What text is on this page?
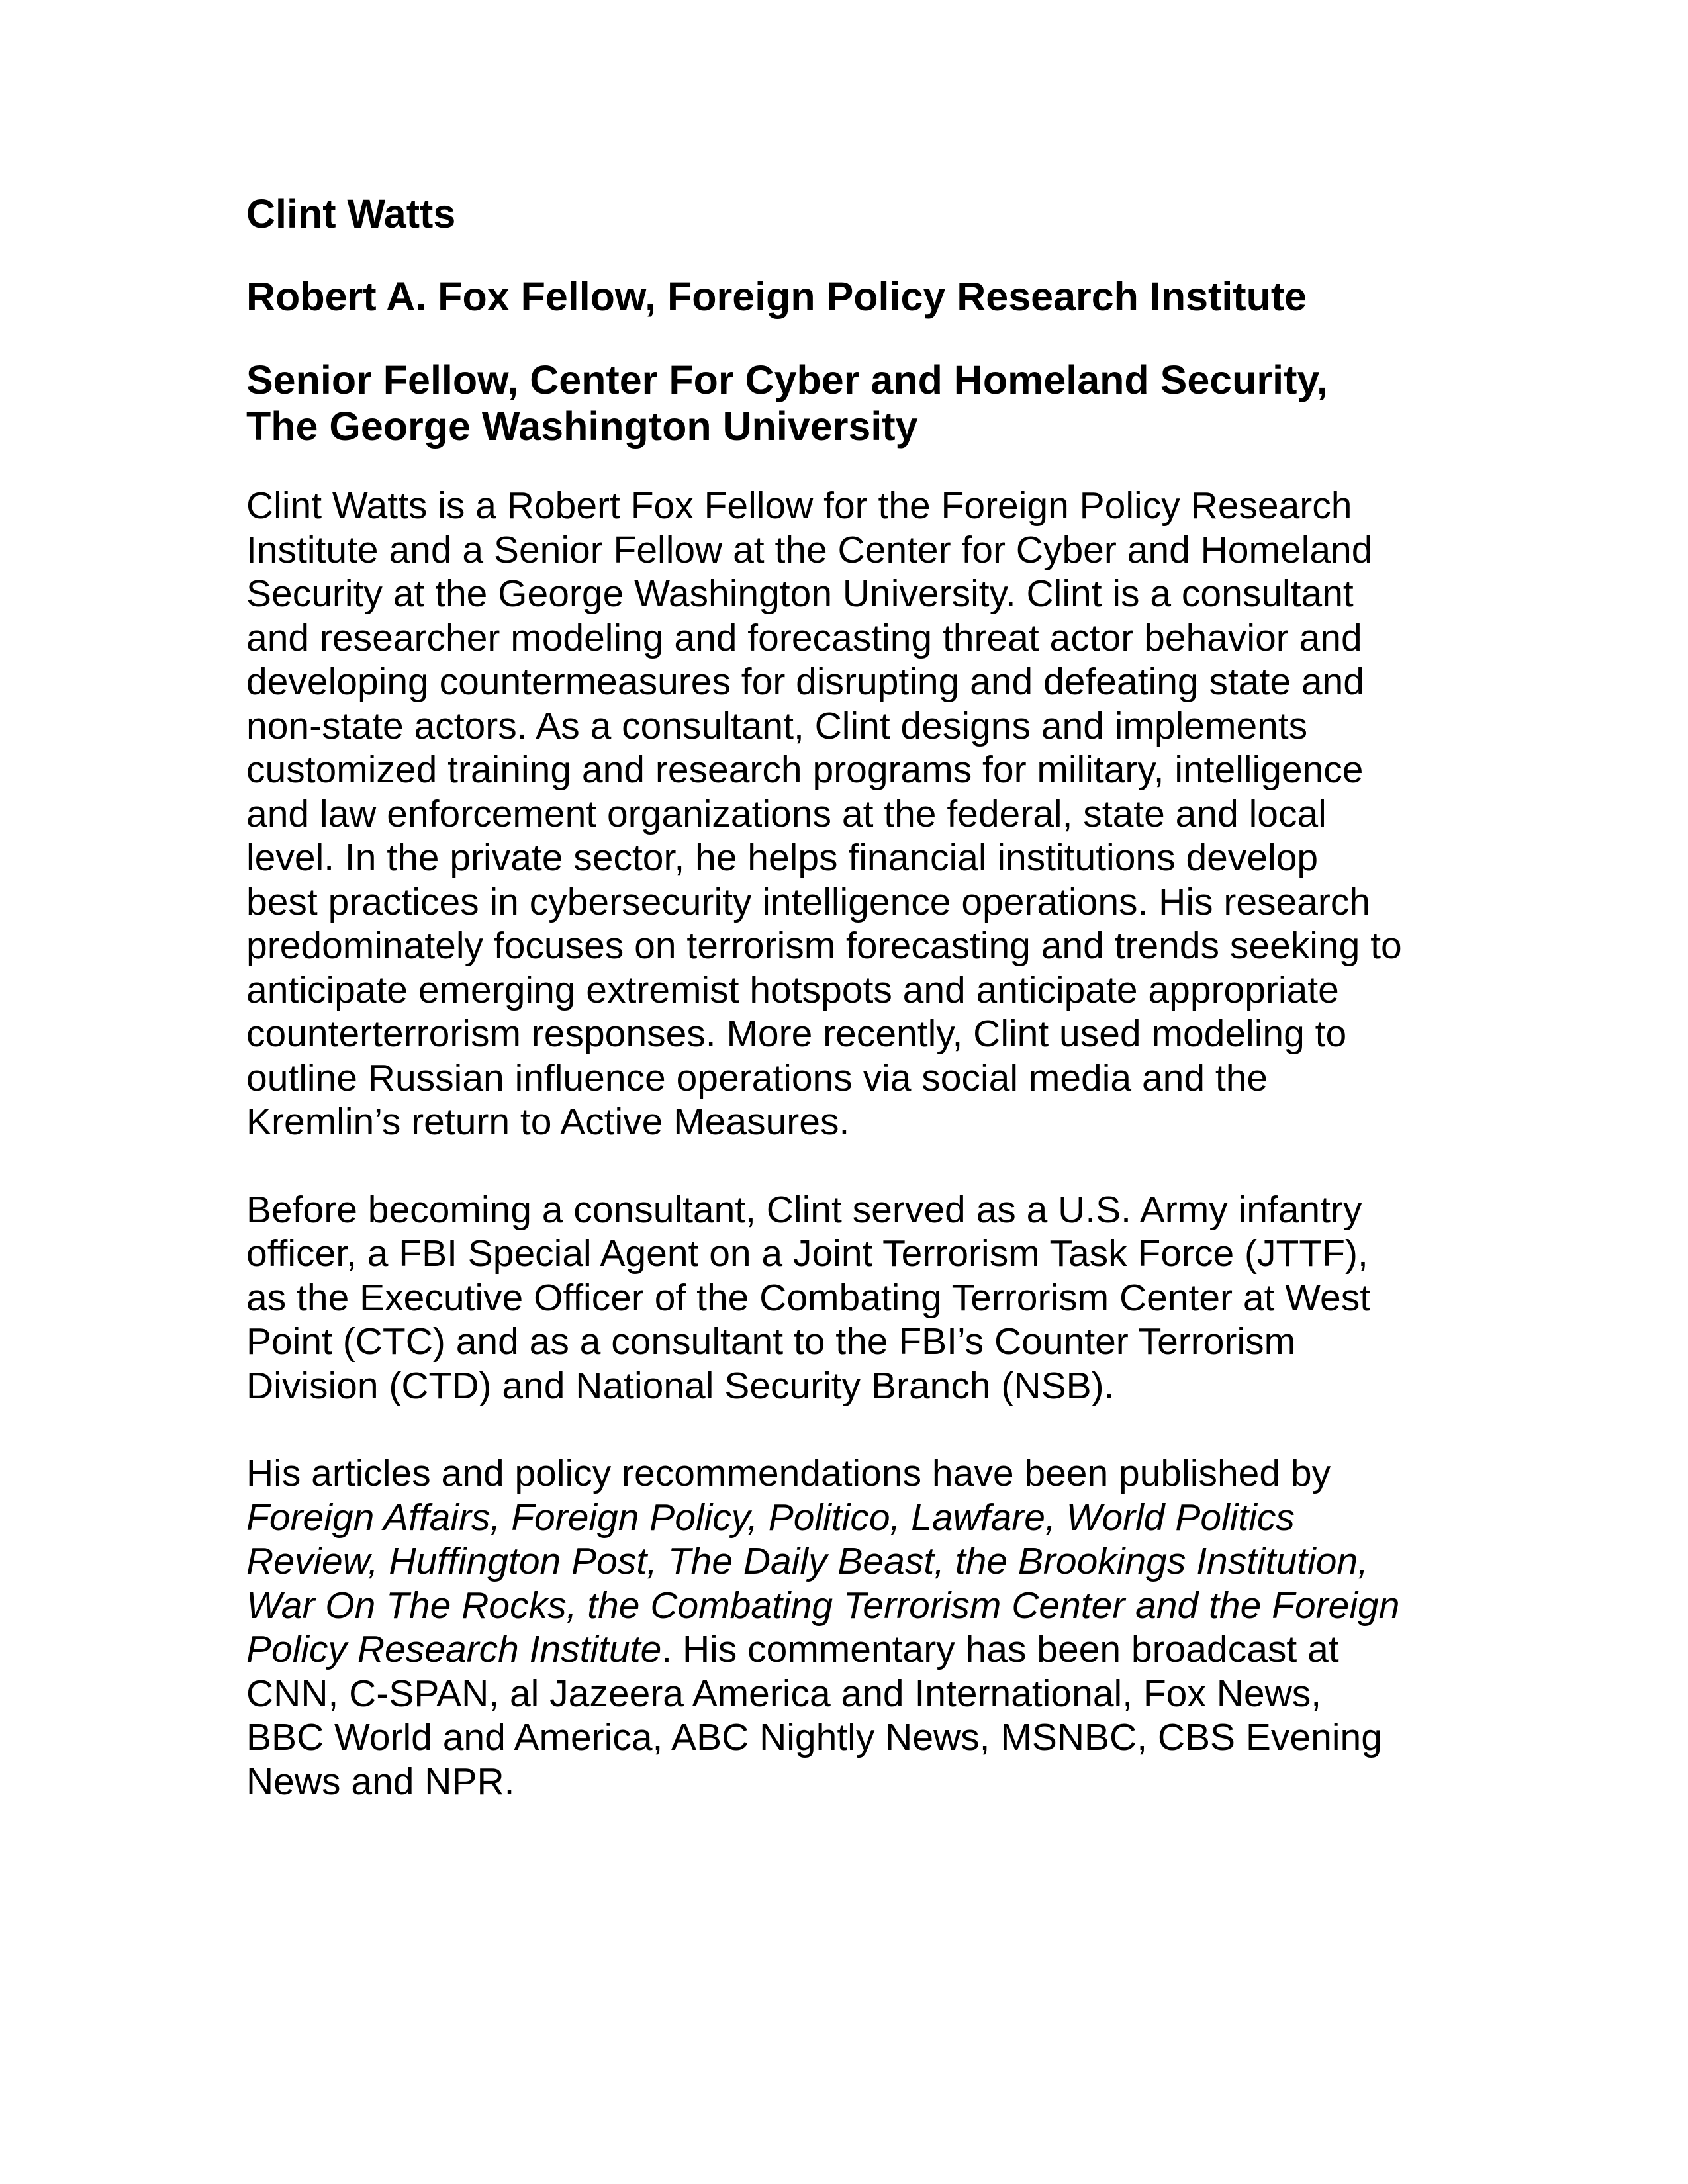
Clint Watts
Robert A. Fox Fellow, Foreign Policy Research Institute
Senior Fellow, Center For Cyber and Homeland Security,
The George Washington University

Clint Watts is a Robert Fox Fellow for the Foreign Policy Research
Institute and a Senior Fellow at the Center for Cyber and Homeland
Security at the George Washington University. Clint is a consultant
and researcher modeling and forecasting threat actor behavior and
developing countermeasures for disrupting and defeating state and
non-state actors. As a consultant, Clint designs and implements
customized training and research programs for military, intelligence
and law enforcement organizations at the federal, state and local
level. In the private sector, he helps financial institutions develop
best practices in cybersecurity intelligence operations. His research
predominately focuses on terrorism forecasting and trends seeking to
anticipate emerging extremist hotspots and anticipate appropriate
counterterrorism responses. More recently, Clint used modeling to
outline Russian influence operations via social media and the
Kremlin’s return to Active Measures.

Before becoming a consultant, Clint served as a U.S. Army infantry
officer, a FBI Special Agent on a Joint Terrorism Task Force (JTTF),
as the Executive Officer of the Combating Terrorism Center at West
Point (CTC) and as a consultant to the FBI’s Counter Terrorism
Division (CTD) and National Security Branch (NSB).

His articles and policy recommendations have been published by
Foreign Affairs, Foreign Policy, Politico, Lawfare, World Politics
Review, Huffington Post, The Daily Beast, the Brookings Institution,
War On The Rocks, the Combating Terrorism Center and the Foreign
Policy Research Institute. His commentary has been broadcast at
CNN, C-SPAN, al Jazeera America and International, Fox News,
BBC World and America, ABC Nightly News, MSNBC, CBS Evening
News and NPR.
